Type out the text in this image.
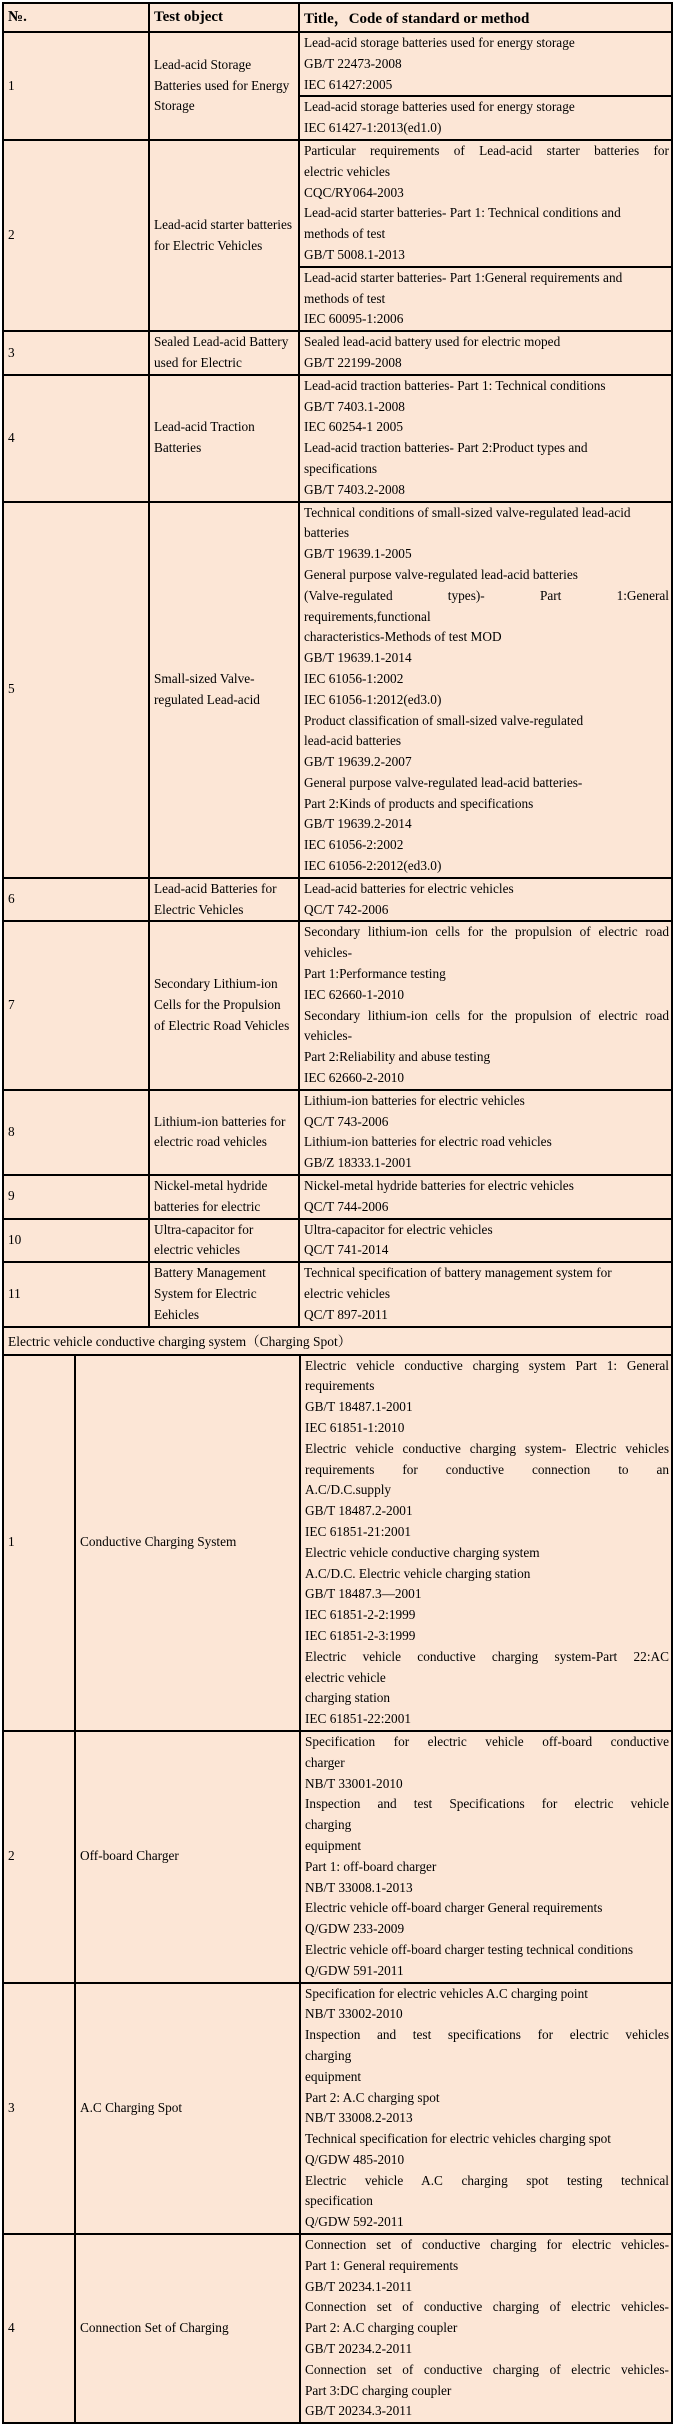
№.	Test object	Title，Code of standard or method
1	Lead-acid Storage Batteries used for Energy Storage	Lead-acid storage batteries used for energy storage
GB/T 22473-2008
IEC 61427:2005
Lead-acid storage batteries used for energy storage
IEC 61427-1:2013(ed1.0)

2	Lead-acid starter batteries for Electric Vehicles	
Particular requirements of Lead-acid starter batteries for
electric vehicles
CQC/RY064-2003
Lead-acid starter batteries- Part 1: Technical conditions and
methods of test
GB/T 5008.1-2013
Lead-acid starter batteries- Part 1:General requirements and
methods of test
IEC 60095-1:2006

3	Sealed Lead-acid Battery used for Electric	Sealed lead-acid battery used for electric moped
GB/T 22199-2008

4	Lead-acid Traction Batteries	
Lead-acid traction batteries- Part 1: Technical conditions
GB/T 7403.1-2008
IEC 60254-1 2005
Lead-acid traction batteries- Part 2:Product types and
specifications
GB/T 7403.2-2008

5	Small-sized Valve-regulated Lead-acid	
Technical conditions of small-sized valve-regulated lead-acid
batteries
GB/T 19639.1-2005
General purpose valve-regulated lead-acid batteries
(Valve-regulated types)- Part 1:General
requirements,functional
characteristics-Methods of test MOD
GB/T 19639.1-2014
IEC 61056-1:2002
IEC 61056-1:2012(ed3.0)
Product classification of small-sized valve-regulated
lead-acid batteries
GB/T 19639.2-2007
General purpose valve-regulated lead-acid batteries-
Part 2:Kinds of products and specifications
GB/T 19639.2-2014
IEC 61056-2:2002
IEC 61056-2:2012(ed3.0)

6	Lead-acid Batteries for Electric Vehicles	Lead-acid batteries for electric vehicles
QC/T 742-2006

7	Secondary Lithium-ion Cells for the Propulsion of Electric Road Vehicles	
Secondary lithium-ion cells for the propulsion of electric road
vehicles-
Part 1:Performance testing
IEC 62660-1-2010
Secondary lithium-ion cells for the propulsion of electric road
vehicles-
Part 2:Reliability and abuse testing
IEC 62660-2-2010

8	Lithium-ion batteries for electric road vehicles	Lithium-ion batteries for electric vehicles
QC/T 743-2006
Lithium-ion batteries for electric road vehicles
GB/Z 18333.1-2001

9	Nickel-metal hydride batteries for electric	Nickel-metal hydride batteries for electric vehicles
QC/T 744-2006

10	Ultra-capacitor for electric vehicles	Ultra-capacitor for electric vehicles
QC/T 741-2014

11	Battery Management System for Electric Eehicles	Technical specification of battery management system for
electric vehicles
QC/T 897-2011
Electric vehicle conductive charging system（Charging Spot）
1	Conductive Charging System	
Electric vehicle conductive charging system Part 1: General
requirements
GB/T 18487.1-2001
IEC 61851-1:2010
Electric vehicle conductive charging system- Electric vehicles
requirements for conductive connection to an
A.C/D.C.supply
GB/T 18487.2-2001
IEC 61851-21:2001
Electric vehicle conductive charging system
A.C/D.C. Electric vehicle charging station
GB/T 18487.3—2001
IEC 61851-2-2:1999
IEC 61851-2-3:1999
Electric vehicle conductive charging system-Part 22:AC
electric vehicle
charging station
IEC 61851-22:2001

2	Off-board Charger	
Specification for electric vehicle off-board conductive
charger
NB/T 33001-2010
Inspection and test Specifications for electric vehicle
charging
equipment
Part 1: off-board charger
NB/T 33008.1-2013
Electric vehicle off-board charger General requirements
Q/GDW 233-2009
Electric vehicle off-board charger testing technical conditions
Q/GDW 591-2011

3	A.C Charging Spot	
Specification for electric vehicles A.C charging point
NB/T 33002-2010
Inspection and test specifications for electric vehicles
charging
equipment
Part 2: A.C charging spot
NB/T 33008.2-2013
Technical specification for electric vehicles charging spot
Q/GDW 485-2010
Electric vehicle A.C charging spot testing technical
specification
Q/GDW 592-2011

4	Connection Set of Charging	
Connection set of conductive charging for electric vehicles-
Part 1: General requirements
GB/T 20234.1-2011
Connection set of conductive charging of electric vehicles-
Part 2: A.C charging coupler
GB/T 20234.2-2011
Connection set of conductive charging of electric vehicles-
Part 3:DC charging coupler
GB/T 20234.3-2011
